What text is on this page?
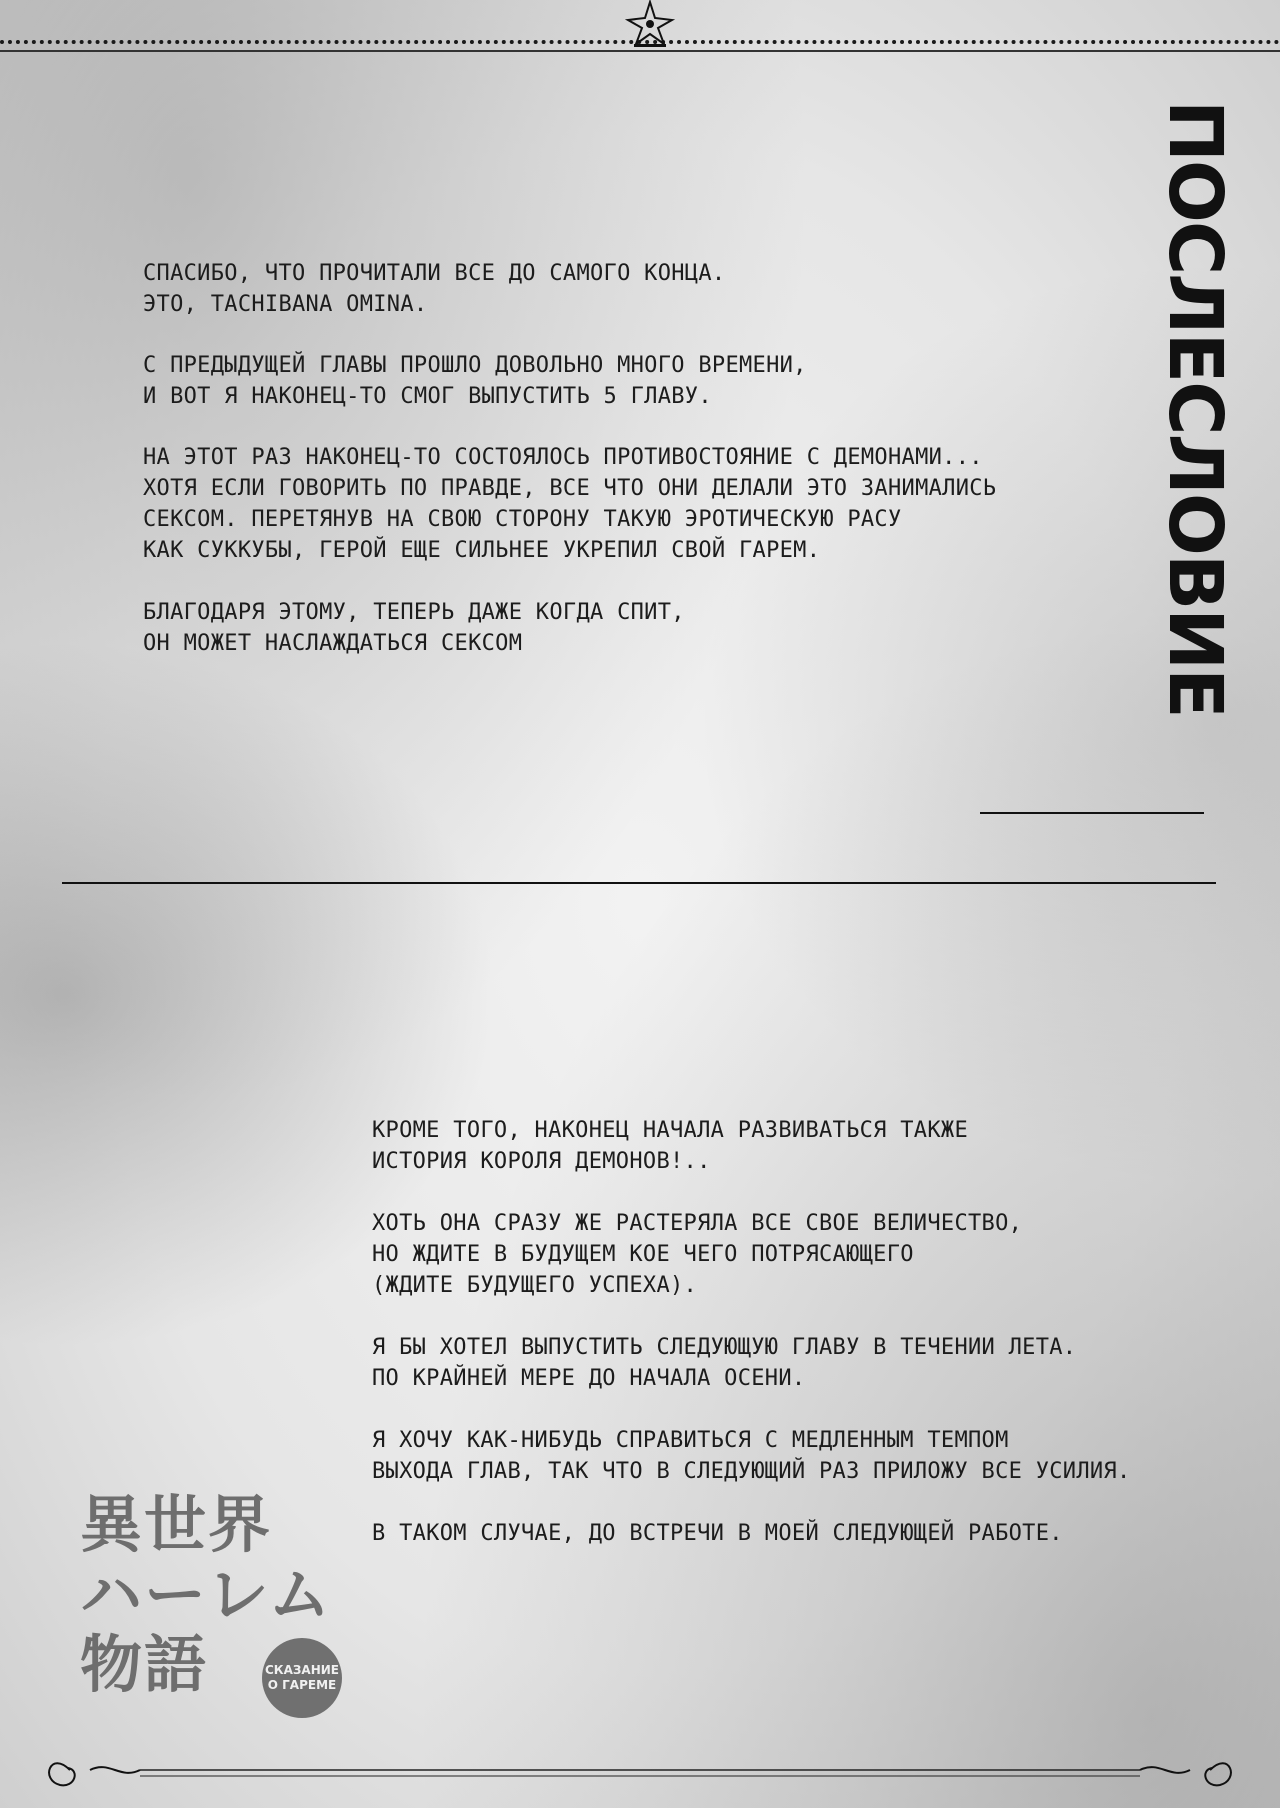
ПОСЛЕСЛОВИЕ
СПАСИБО, ЧТО ПРОЧИТАЛИ ВСЕ ДО САМОГО КОНЦА.
ЭТО, TACHIBANA OMINA.
С ПРЕДЫДУЩЕЙ ГЛАВЫ ПРОШЛО ДОВОЛЬНО МНОГО ВРЕМЕНИ,
И ВОТ Я НАКОНЕЦ-ТО СМОГ ВЫПУСТИТЬ 5 ГЛАВУ.
НА ЭТОТ РАЗ НАКОНЕЦ-ТО СОСТОЯЛОСЬ ПРОТИВОСТОЯНИЕ С ДЕМОНАМИ...
ХОТЯ ЕСЛИ ГОВОРИТЬ ПО ПРАВДЕ, ВСЕ ЧТО ОНИ ДЕЛАЛИ ЭТО ЗАНИМАЛИСЬ
СЕКСОМ. ПЕРЕТЯНУВ НА СВОЮ СТОРОНУ ТАКУЮ ЭРОТИЧЕСКУЮ РАСУ
КАК СУККУБЫ, ГЕРОЙ ЕЩЕ СИЛЬНЕЕ УКРЕПИЛ СВОЙ ГАРЕМ.
БЛАГОДАРЯ ЭТОМУ, ТЕПЕРЬ ДАЖЕ КОГДА СПИТ,
ОН МОЖЕТ НАСЛАЖДАТЬСЯ СЕКСОМ
КРОМЕ ТОГО, НАКОНЕЦ НАЧАЛА РАЗВИВАТЬСЯ ТАКЖЕ
ИСТОРИЯ КОРОЛЯ ДЕМОНОВ!..
ХОТЬ ОНА СРАЗУ ЖЕ РАСТЕРЯЛА ВСЕ СВОЕ ВЕЛИЧЕСТВО,
НО ЖДИТЕ В БУДУЩЕМ КОЕ ЧЕГО ПОТРЯСАЮЩЕГО
(ЖДИТЕ БУДУЩЕГО УСПЕХА).
Я БЫ ХОТЕЛ ВЫПУСТИТЬ СЛЕДУЮЩУЮ ГЛАВУ В ТЕЧЕНИИ ЛЕТА.
ПО КРАЙНЕЙ МЕРЕ ДО НАЧАЛА ОСЕНИ.
Я ХОЧУ КАК-НИБУДЬ СПРАВИТЬСЯ С МЕДЛЕННЫМ ТЕМПОМ
ВЫХОДА ГЛАВ, ТАК ЧТО В СЛЕДУЮЩИЙ РАЗ ПРИЛОЖУ ВСЕ УСИЛИЯ.
В ТАКОМ СЛУЧАЕ, ДО ВСТРЕЧИ В МОЕЙ СЛЕДУЮЩЕЙ РАБОТЕ.
異世界
ハーレム
物語	СКАЗАНИЕ О ГАРЕМЕ
